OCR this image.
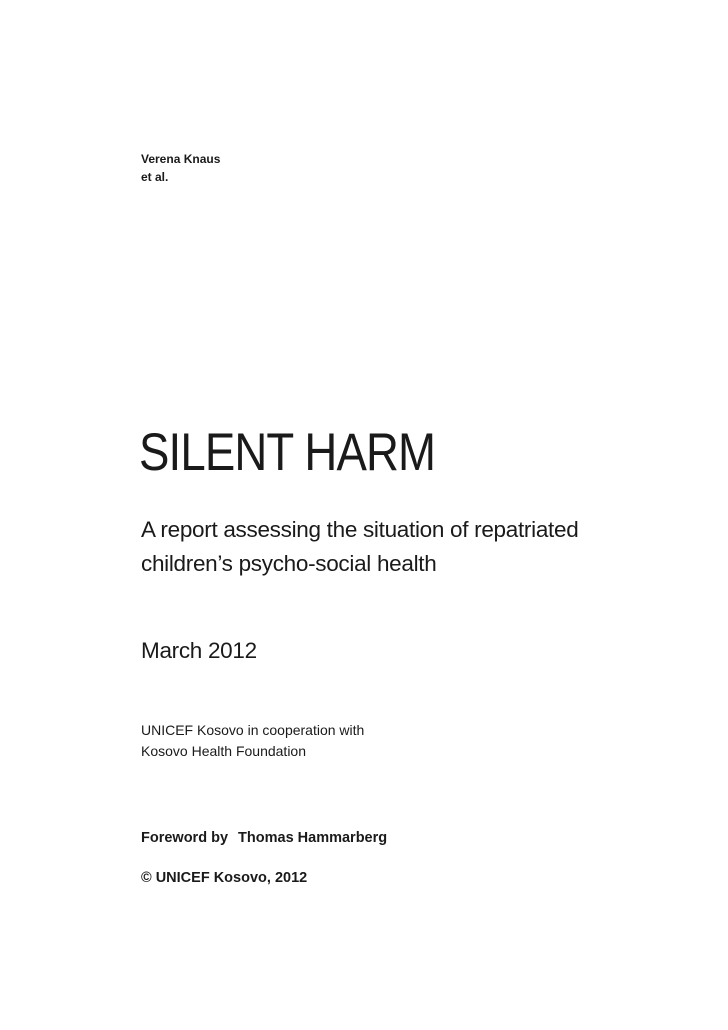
Verena Knaus
et al.
SILENT HARM
A report assessing the situation of repatriated
children’s psycho-social health
March 2012
UNICEF Kosovo in cooperation with
Kosovo Health Foundation
Foreword by Thomas Hammarberg
© UNICEF Kosovo, 2012
